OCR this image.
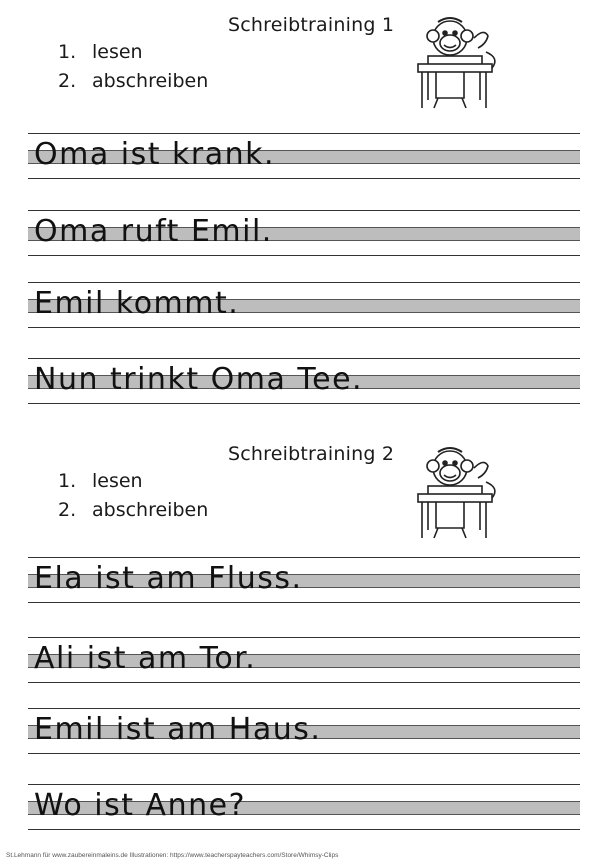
Schreibtraining 1
1. lesen
2. abschreiben
Oma ist krank.
Oma ruft Emil.
Emil kommt.
Nun trinkt Oma Tee.
Schreibtraining 2
1. lesen
2. abschreiben
Ela ist am Fluss.
Ali ist am Tor.
Emil ist am Haus.
Wo ist Anne?
St.Lehmann für www.zaubereinmaleins.de Illustrationen: https://www.teacherspayteachers.com/Store/Whimsy-Clips
